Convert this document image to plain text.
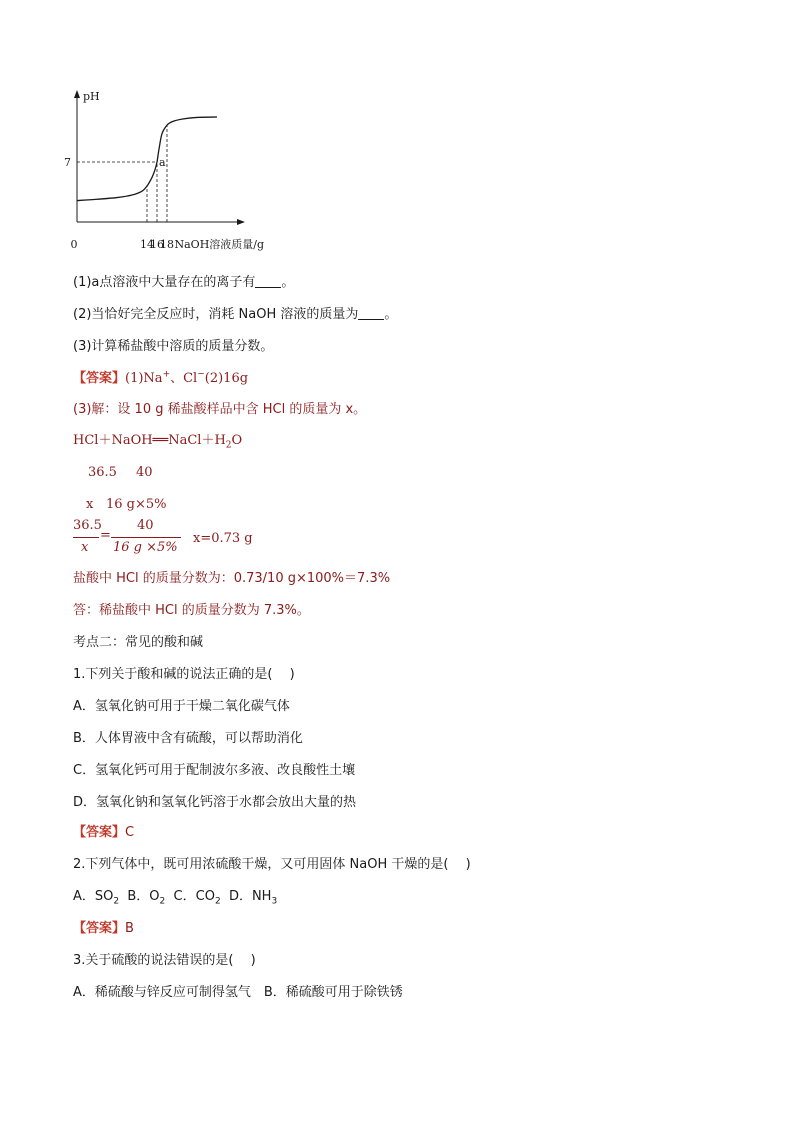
pH
NaOH溶液质量/g
0
7
14
16
18
a
(1)a点溶液中大量存在的离子有 。
(2)当恰好完全反应时，消耗 NaOH 溶液的质量为 。
(3)计算稀盐酸中溶质的质量分数。
【答案】(1)Na+、Cl−(2)16g
(3)解：设 10 g 稀盐酸样品中含 HCl 的质量为 x。
$HCl+NaOH══NaCl+H_2O$
36.5 40
x 16 g×5%
36.5
x
=
40
16 g ×5%
x=0.73 g
盐酸中 HCl 的质量分数为：0.73/10 g×100%＝7.3%
答：稀盐酸中 HCl 的质量分数为 7.3%。
考点二：常见的酸和碱
1.下列关于酸和碱的说法正确的是(　 )
A．氢氧化钠可用于干燥二氧化碳气体
B．人体胃液中含有硫酸，可以帮助消化
C．氢氧化钙可用于配制波尔多液、改良酸性土壤
D．氢氧化钠和氢氧化钙溶于水都会放出大量的热
【答案】C
2.下列气体中，既可用浓硫酸干燥，又可用固体 NaOH 干燥的是(　 )
A．$SO_2$ B．$O_2$ C．$CO_2$ D．$NH_3$
【答案】B
3.关于硫酸的说法错误的是(　 )
A．稀硫酸与锌反应可制得氢气　B．稀硫酸可用于除铁锈
